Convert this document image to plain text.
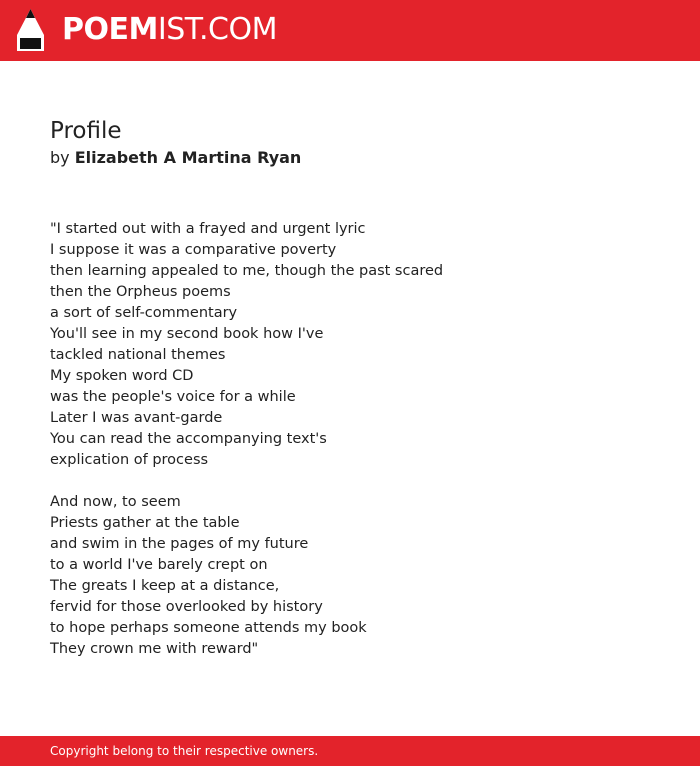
POEMIST.COM
Profile
by Elizabeth A Martina Ryan
"I started out with a frayed and urgent lyric
I suppose it was a comparative poverty
then learning appealed to me, though the past scared
then the Orpheus poems
a sort of self-commentary
You'll see in my second book how I've
tackled national themes
My spoken word CD
was the people's voice for a while
Later I was avant-garde
You can read the accompanying text's
explication of process
And now, to seem
Priests gather at the table
and swim in the pages of my future
to a world I've barely crept on
The greats I keep at a distance,
fervid for those overlooked by history
to hope perhaps someone attends my book
They crown me with reward"
Copyright belong to their respective owners.
